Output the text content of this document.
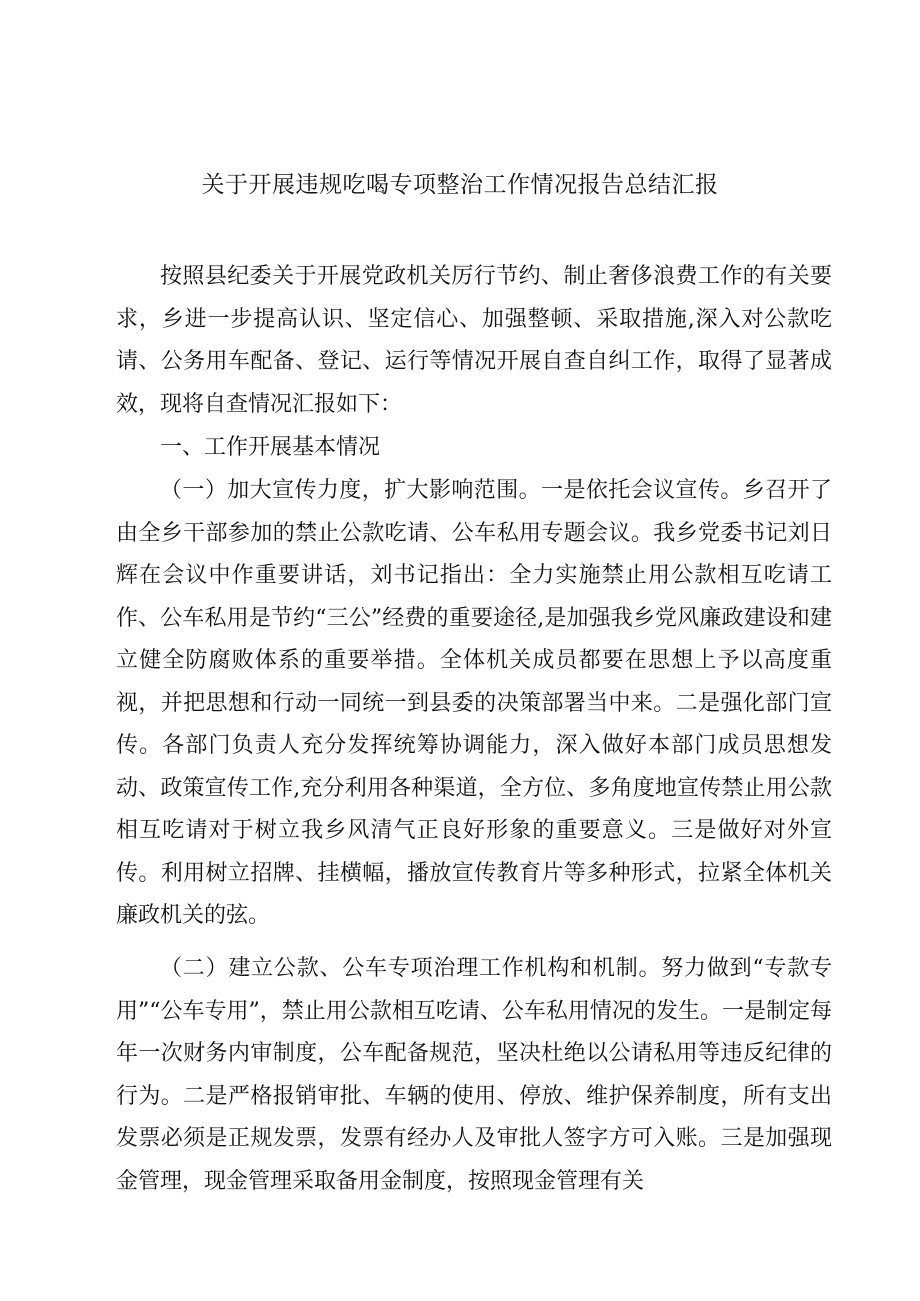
关于开展违规吃喝专项整治工作情况报告总结汇报

按照县纪委关于开展党政机关厉行节约、制止奢侈浪费工作的有关要求，乡进一步提高认识、坚定信心、加强整顿、采取措施,深入对公款吃请、公务用车配备、登记、运行等情况开展自查自纠工作，取得了显著成效，现将自查情况汇报如下：

一、工作开展基本情况

（一）加大宣传力度，扩大影响范围。一是依托会议宣传。乡召开了由全乡干部参加的禁止公款吃请、公车私用专题会议。我乡党委书记刘日辉在会议中作重要讲话，刘书记指出：全力实施禁止用公款相互吃请工作、公车私用是节约“三公”经费的重要途径,是加强我乡党风廉政建设和建立健全防腐败体系的重要举措。全体机关成员都要在思想上予以高度重视，并把思想和行动一同统一到县委的决策部署当中来。二是强化部门宣传。各部门负责人充分发挥统筹协调能力，深入做好本部门成员思想发动、政策宣传工作,充分利用各种渠道，全方位、多角度地宣传禁止用公款相互吃请对于树立我乡风清气正良好形象的重要意义。三是做好对外宣传。利用树立招牌、挂横幅，播放宣传教育片等多种形式，拉紧全体机关廉政机关的弦。

（二）建立公款、公车专项治理工作机构和机制。努力做到“专款专用”“公车专用”，禁止用公款相互吃请、公车私用情况的发生。一是制定每年一次财务内审制度，公车配备规范，坚决杜绝以公请私用等违反纪律的行为。二是严格报销审批、车辆的使用、停放、维护保养制度，所有支出发票必须是正规发票，发票有经办人及审批人签字方可入账。三是加强现金管理，现金管理采取备用金制度，按照现金管理有关
